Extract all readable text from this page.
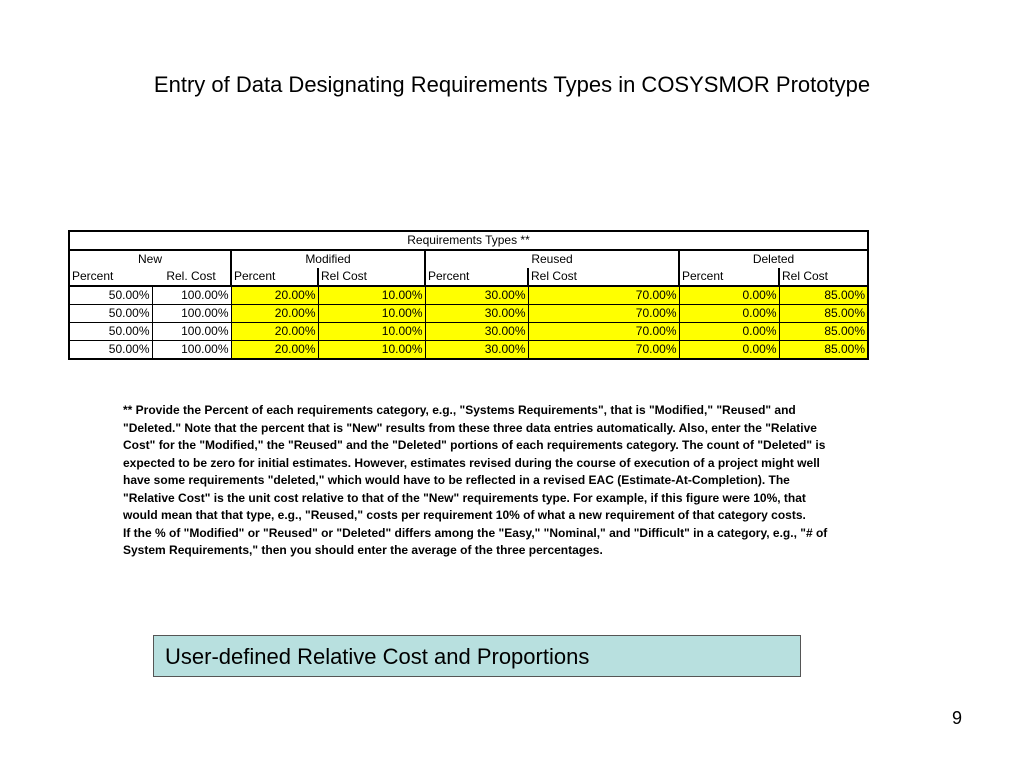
Entry of Data Designating Requirements Types in COSYSMOR Prototype
Requirements Types **							
New		Modified		Reused		Deleted	
Percent	Rel. Cost	Percent	Rel Cost	Percent	Rel Cost	Percent	Rel Cost
50.00%	100.00%	20.00%	10.00%	30.00%	70.00%	0.00%	85.00%
50.00%	100.00%	20.00%	10.00%	30.00%	70.00%	0.00%	85.00%
50.00%	100.00%	20.00%	10.00%	30.00%	70.00%	0.00%	85.00%
50.00%	100.00%	20.00%	10.00%	30.00%	70.00%	0.00%	85.00%

** Provide the Percent of each requirements category, e.g., "Systems Requirements", that is "Modified," "Reused" and "Deleted." Note that the percent that is "New" results from these three data entries automatically. Also, enter the "Relative Cost" for the "Modified," the "Reused" and the "Deleted" portions of each requirements category. The count of "Deleted" is expected to be zero for initial estimates. However, estimates revised during the course of execution of a project might well have some requirements "deleted," which would have to be reflected in a revised EAC (Estimate-At-Completion). The "Relative Cost" is the unit cost relative to that of the "New" requirements type. For example, if this figure were 10%, that would mean that that type, e.g., "Reused," costs per requirement 10% of what a new requirement of that category costs.

If the % of "Modified" or "Reused" or "Deleted" differs among the "Easy," "Nominal," and "Difficult" in a category, e.g., "# of System Requirements," then you should enter the average of the three percentages.

User-defined Relative Cost and Proportions
9
